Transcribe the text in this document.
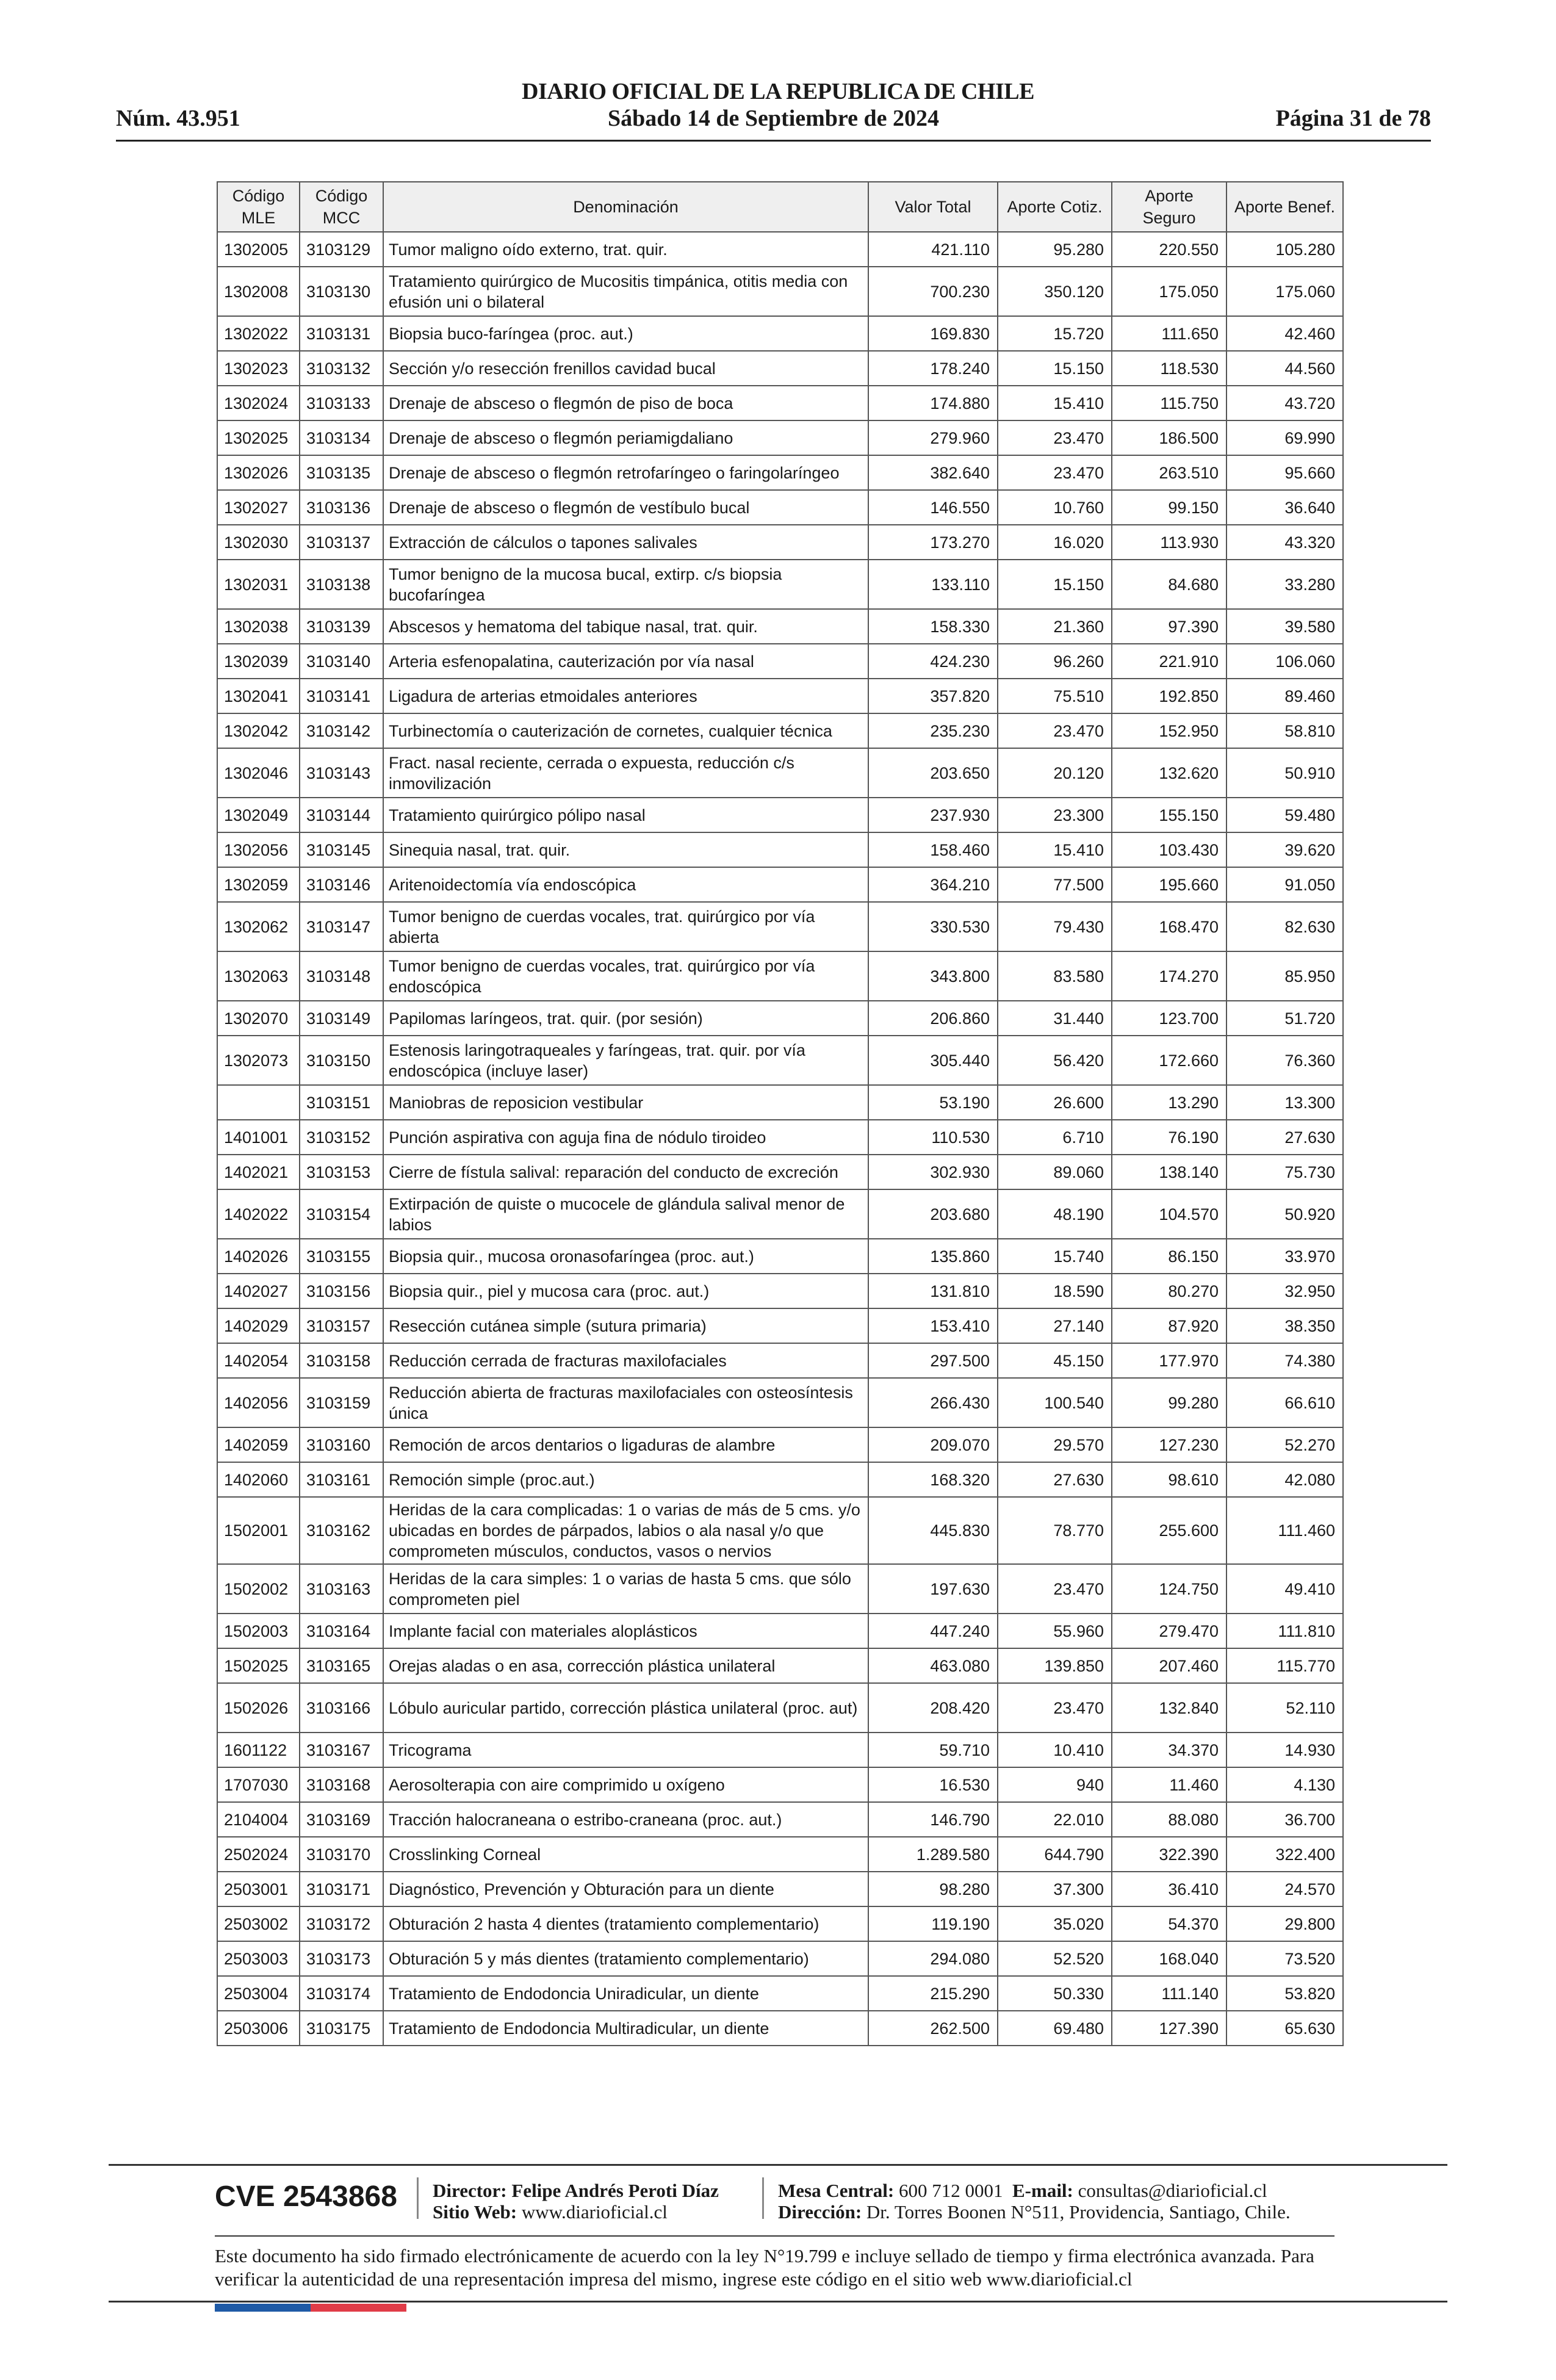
DIARIO OFICIAL DE LA REPUBLICA DE CHILE
Núm. 43.951	Sábado 14 de Septiembre de 2024	Página 31 de 78
Código MLE	Código MCC	Denominación	Valor Total	Aporte Cotiz.	Aporte Seguro	Aporte Benef.
1302005	3103129	Tumor maligno oído externo, trat. quir.	421.110	95.280	220.550	105.280
1302008	3103130	Tratamiento quirúrgico de Mucositis timpánica, otitis media con efusión uni o bilateral	700.230	350.120	175.050	175.060
1302022	3103131	Biopsia buco-faríngea (proc. aut.)	169.830	15.720	111.650	42.460
1302023	3103132	Sección y/o resección frenillos cavidad bucal	178.240	15.150	118.530	44.560
1302024	3103133	Drenaje de absceso o flegmón de piso de boca	174.880	15.410	115.750	43.720
1302025	3103134	Drenaje de absceso o flegmón periamigdaliano	279.960	23.470	186.500	69.990
1302026	3103135	Drenaje de absceso o flegmón retrofaríngeo o faringolaríngeo	382.640	23.470	263.510	95.660
1302027	3103136	Drenaje de absceso o flegmón de vestíbulo bucal	146.550	10.760	99.150	36.640
1302030	3103137	Extracción de cálculos o tapones salivales	173.270	16.020	113.930	43.320
1302031	3103138	Tumor benigno de la mucosa bucal, extirp. c/s biopsia bucofaríngea	133.110	15.150	84.680	33.280
1302038	3103139	Abscesos y hematoma del tabique nasal, trat. quir.	158.330	21.360	97.390	39.580
1302039	3103140	Arteria esfenopalatina, cauterización por vía nasal	424.230	96.260	221.910	106.060
1302041	3103141	Ligadura de arterias etmoidales anteriores	357.820	75.510	192.850	89.460
1302042	3103142	Turbinectomía o cauterización de cornetes, cualquier técnica	235.230	23.470	152.950	58.810
1302046	3103143	Fract. nasal reciente, cerrada o expuesta, reducción c/s inmovilización	203.650	20.120	132.620	50.910
1302049	3103144	Tratamiento quirúrgico pólipo nasal	237.930	23.300	155.150	59.480
1302056	3103145	Sinequia nasal, trat. quir.	158.460	15.410	103.430	39.620
1302059	3103146	Aritenoidectomía vía endoscópica	364.210	77.500	195.660	91.050
1302062	3103147	Tumor benigno de cuerdas vocales, trat. quirúrgico por vía abierta	330.530	79.430	168.470	82.630
1302063	3103148	Tumor benigno de cuerdas vocales, trat. quirúrgico por vía endoscópica	343.800	83.580	174.270	85.950
1302070	3103149	Papilomas laríngeos, trat. quir. (por sesión)	206.860	31.440	123.700	51.720
1302073	3103150	Estenosis laringotraqueales y faríngeas, trat. quir. por vía endoscópica (incluye laser)	305.440	56.420	172.660	76.360
	3103151	Maniobras de reposicion vestibular	53.190	26.600	13.290	13.300
1401001	3103152	Punción aspirativa con aguja fina de nódulo tiroideo	110.530	6.710	76.190	27.630
1402021	3103153	Cierre de fístula salival: reparación del conducto de excreción	302.930	89.060	138.140	75.730
1402022	3103154	Extirpación de quiste o mucocele de glándula salival menor de labios	203.680	48.190	104.570	50.920
1402026	3103155	Biopsia quir., mucosa oronasofaríngea (proc. aut.)	135.860	15.740	86.150	33.970
1402027	3103156	Biopsia quir., piel y mucosa cara (proc. aut.)	131.810	18.590	80.270	32.950
1402029	3103157	Resección cutánea simple (sutura primaria)	153.410	27.140	87.920	38.350
1402054	3103158	Reducción cerrada de fracturas maxilofaciales	297.500	45.150	177.970	74.380
1402056	3103159	Reducción abierta de fracturas maxilofaciales con osteosíntesis única	266.430	100.540	99.280	66.610
1402059	3103160	Remoción de arcos dentarios o ligaduras de alambre	209.070	29.570	127.230	52.270
1402060	3103161	Remoción simple (proc.aut.)	168.320	27.630	98.610	42.080
1502001	3103162	Heridas de la cara complicadas: 1 o varias de más de 5 cms. y/o ubicadas en bordes de párpados, labios o ala nasal y/o que comprometen músculos, conductos, vasos o nervios	445.830	78.770	255.600	111.460
1502002	3103163	Heridas de la cara simples: 1 o varias de hasta 5 cms. que sólo comprometen piel	197.630	23.470	124.750	49.410
1502003	3103164	Implante facial con materiales aloplásticos	447.240	55.960	279.470	111.810
1502025	3103165	Orejas aladas o en asa, corrección plástica unilateral	463.080	139.850	207.460	115.770
1502026	3103166	Lóbulo auricular partido, corrección plástica unilateral (proc. aut)	208.420	23.470	132.840	52.110
1601122	3103167	Tricograma	59.710	10.410	34.370	14.930
1707030	3103168	Aerosolterapia con aire comprimido u oxígeno	16.530	940	11.460	4.130
2104004	3103169	Tracción halocraneana o estribo-craneana (proc. aut.)	146.790	22.010	88.080	36.700
2502024	3103170	Crosslinking Corneal	1.289.580	644.790	322.390	322.400
2503001	3103171	Diagnóstico, Prevención y Obturación para un diente	98.280	37.300	36.410	24.570
2503002	3103172	Obturación 2 hasta 4 dientes (tratamiento complementario)	119.190	35.020	54.370	29.800
2503003	3103173	Obturación 5 y más dientes (tratamiento complementario)	294.080	52.520	168.040	73.520
2503004	3103174	Tratamiento de Endodoncia Uniradicular, un diente	215.290	50.330	111.140	53.820
2503006	3103175	Tratamiento de Endodoncia Multiradicular, un diente	262.500	69.480	127.390	65.630
CVE 2543868 Director: Felipe Andrés Peroti Díaz
Sitio Web: www.diarioficial.cl
Mesa Central: 600 712 0001 E-mail: consultas@diarioficial.cl
Dirección: Dr. Torres Boonen N°511, Providencia, Santiago, Chile.
Este documento ha sido firmado electrónicamente de acuerdo con la ley N°19.799 e incluye sellado de tiempo y firma electrónica avanzada. Para verificar la autenticidad de una representación impresa del mismo, ingrese este código en el sitio web www.diarioficial.cl
